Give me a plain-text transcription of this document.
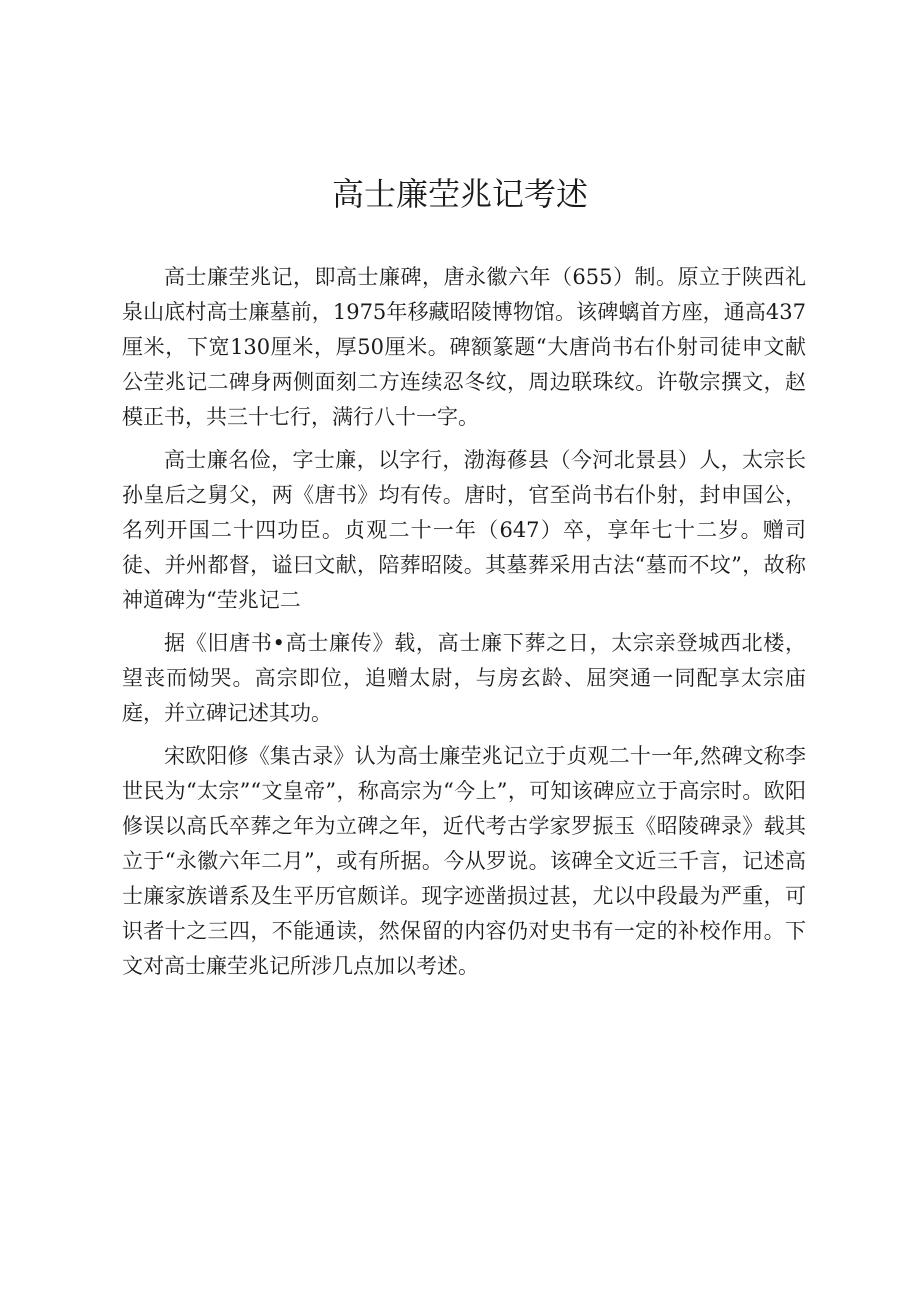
高士廉茔兆记考述

高士廉茔兆记，即高士廉碑，唐永徽六年（655）制。原立于陕西礼泉山底村高士廉墓前，1975年移藏昭陵博物馆。该碑螭首方座，通高437厘米，下宽130厘米，厚50厘米。碑额篆题“大唐尚书右仆射司徒申文献公茔兆记二碑身两侧面刻二方连续忍冬纹，周边联珠纹。许敬宗撰文，赵模正书，共三十七行，满行八十一字。

高士廉名俭，字士廉，以字行，渤海蓚县（今河北景县）人，太宗长孙皇后之舅父，两《唐书》均有传。唐时，官至尚书右仆射，封申国公，名列开国二十四功臣。贞观二十一年（647）卒，享年七十二岁。赠司徒、并州都督，谥曰文献，陪葬昭陵。其墓葬采用古法“墓而不坟”，故称神道碑为“茔兆记二

据《旧唐书•高士廉传》载，高士廉下葬之日，太宗亲登城西北楼，望丧而恸哭。高宗即位，追赠太尉，与房玄龄、屈突通一同配享太宗庙庭，并立碑记述其功。

宋欧阳修《集古录》认为高士廉茔兆记立于贞观二十一年,然碑文称李世民为“太宗”“文皇帝”，称高宗为“今上”，可知该碑应立于高宗时。欧阳修误以高氏卒葬之年为立碑之年，近代考古学家罗振玉《昭陵碑录》载其立于“永徽六年二月”，或有所据。今从罗说。该碑全文近三千言，记述高士廉家族谱系及生平历官颇详。现字迹凿损过甚，尤以中段最为严重，可识者十之三四，不能通读，然保留的内容仍对史书有一定的补校作用。下文对高士廉茔兆记所涉几点加以考述。
